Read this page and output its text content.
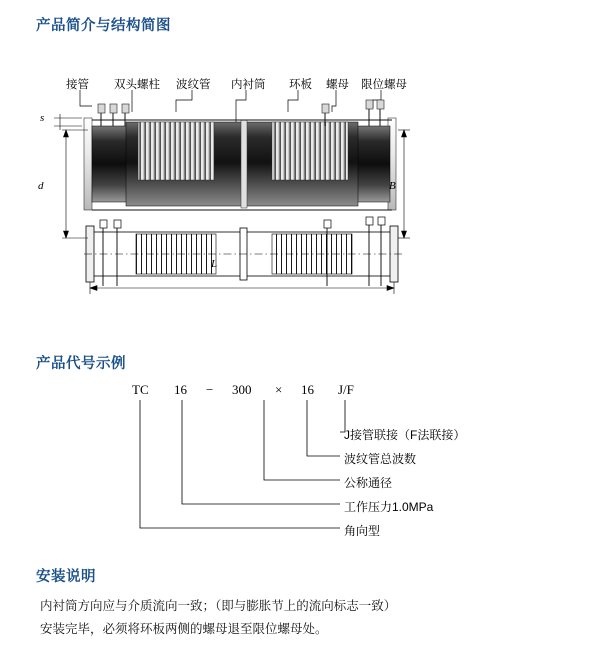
产品简介与结构简图
接管 双头螺柱 波纹管 内衬筒 环板 螺母 限位螺母
s
d	B
L
产品代号示例
TC 16 − 300 × 16 J/F
J接管联接（F法联接）
波纹管总波数
公称通径
工作压力1.0MPa
角向型
安装说明

内衬筒方向应与介质流向一致；（即与膨胀节上的流向标志一致）

安装完毕，必须将环板两侧的螺母退至限位螺母处。
